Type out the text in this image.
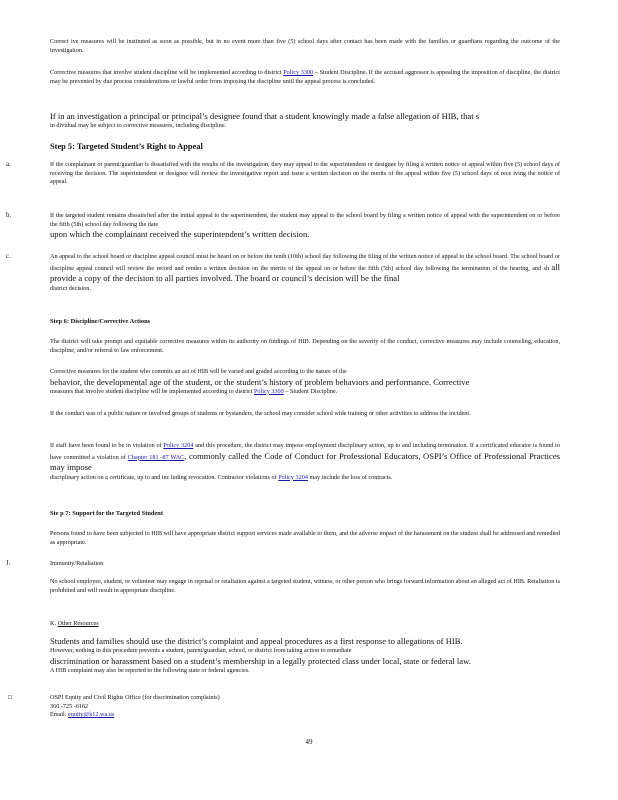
Correct ive measures will be instituted as soon as possible, but in no event more than five (5) school days after contact has been made with the families or guardians regarding the outcome of the investigation.
Corrective measures that involve student discipline will be implemented according to district Policy 3300 – Student Discipline. If the accused aggressor is appealing the imposition of discipline, the district may be prevented by due process considerations or lawful order from imposing the discipline until the appeal process is concluded.
If in an investigation a principal or principal’s designee found that a student knowingly made a false allegation of HIB, that s
in dividual may be subject to corrective measures, including discipline.
Step 5: Targeted Student’s Right to Appeal
a.	If the complainant or parent/guardian is dissatisfied with the results of the investigation, they may appeal to the superintendent or designee by filing a written notice of appeal within five (5) school days of receiving the decision. The superintendent or designee will review the investigative report and issue a written decision on the merits of the appeal within five (5) school days of rece iving the notice of appeal.
b.	If the targeted student remains dissatisfied after the initial appeal to the superintendent, the student may appeal to the school board by filing a written notice of appeal with the superintendent on or before the fifth (5th) school day following the date
upon which the complainant received the superintendent’s written decision.
c.	An appeal to the school board or discipline appeal council must be heard on or before the tenth (10th) school day following the filing of the written notice of appeal to the school board. The school board or discipline appeal council will review the record and render a written decision on the merits of the appeal on or before the fifth (5th) school day following the termination of the hearing, and sh all provide a copy of the decision to all parties involved. The board or council’s decision will be the final
district decision.
Step 6: Discipline/Corrective Actions
The district will take prompt and equitable corrective measures within its authority on findings of HIB. Depending on the severity of the conduct, corrective measures may include counseling, education, discipline, and/or referral to law enforcement.
Corrective measures for the student who commits an act of HIB will be varied and graded according to the nature of the
behavior, the developmental age of the student, or the student’s history of problem behaviors and performance. Corrective
measures that involve student discipline will be implemented according to district Policy 3300 – Student Discipline.
If the conduct was of a public nature or involved groups of students or bystanders, the school may consider school wide training or other activities to address the incident.
If staff have been found to be in violation of Policy 3204 and this procedure, the district may impose employment disciplinary action, up to and including termination. If a certificated educator is found to have committed a violation of Chapter 181 -87 WAC, commonly called the Code of Conduct for Professional Educators, OSPI’s Office of Professional Practices may impose
disciplinary action on a certificate, up to and inc luding revocation. Contractor violations of Policy 3204 may include the loss of contracts.
Ste p 7: Support for the Targeted Student
Persons found to have been subjected to HIB will have appropriate district support services made available to them, and the adverse impact of the harassment on the student shall be addressed and remedied as appropriate.
J.	Immunity/Retaliation
No school employee, student, or volunteer may engage in reprisal or retaliation against a targeted student, witness, or other person who brings forward information about an alleged act of HIB. Retaliation is prohibited and will result in appropriate discipline.
K. Other Resources
Students and families should use the district’s complaint and appeal procedures as a first response to allegations of HIB.
However, nothing in this procedure prevents a student, parent/guardian, school, or district from taking action to remediate
discrimination or harassment based on a student’s membership in a legally protected class under local, state or federal law.
A HIB complaint may also be reported to the following state or federal agencies.
□	OSPI Equity and Civil Rights Office (for discrimination complaints)
360 -725 -6162
Email: equity@k12.wa.us
49
